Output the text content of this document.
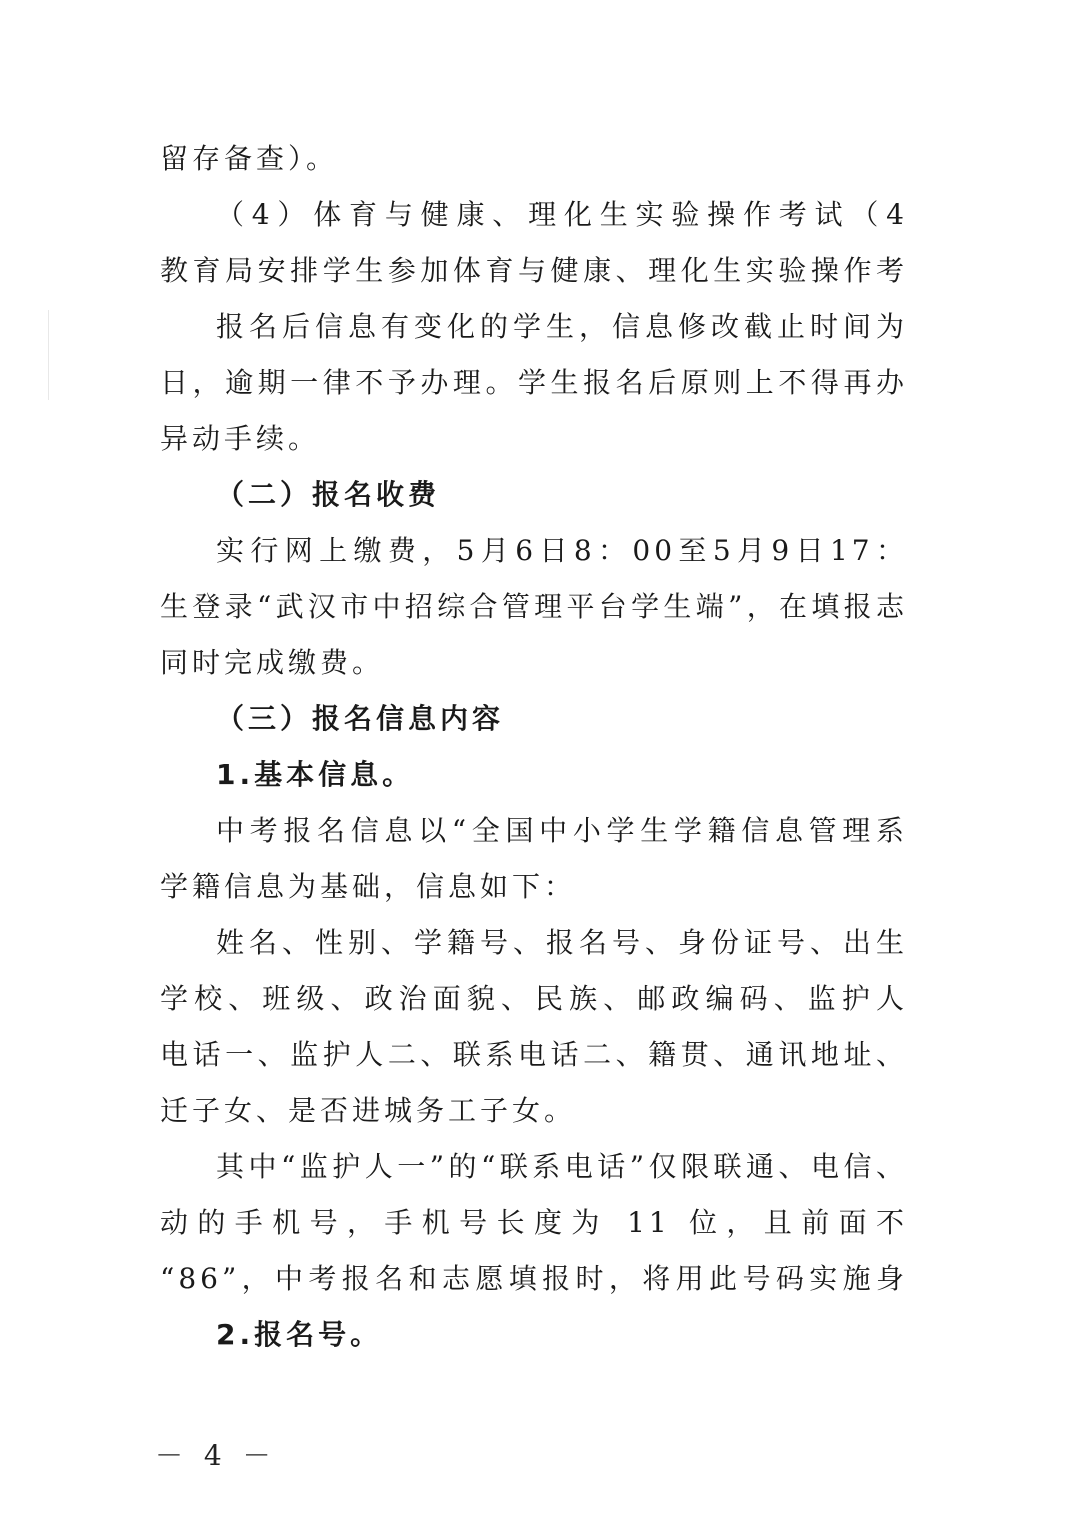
留存备查）。

（4）体育与健康、理化生实验操作考试（4

教育局安排学生参加体育与健康、理化生实验操作考

报名后信息有变化的学生，信息修改截止时间为

日，逾期一律不予办理。学生报名后原则上不得再办

异动手续。

（二）报名收费

实行网上缴费，5月6日8：00至5月9日17：

生登录“武汉市中招综合管理平台学生端”，在填报志

同时完成缴费。

（三）报名信息内容

1.基本信息。

中考报名信息以“全国中小学生学籍信息管理系

学籍信息为基础，信息如下：

姓名、性别、学籍号、报名号、身份证号、出生

学校、班级、政治面貌、民族、邮政编码、监护人

电话一、监护人二、联系电话二、籍贯、通讯地址、

迁子女、是否进城务工子女。

其中“监护人一”的“联系电话”仅限联通、电信、

动的手机号，手机号长度为 11 位，且前面不

“86”，中考报名和志愿填报时，将用此号码实施身

2.报名号。

－ 4 －
